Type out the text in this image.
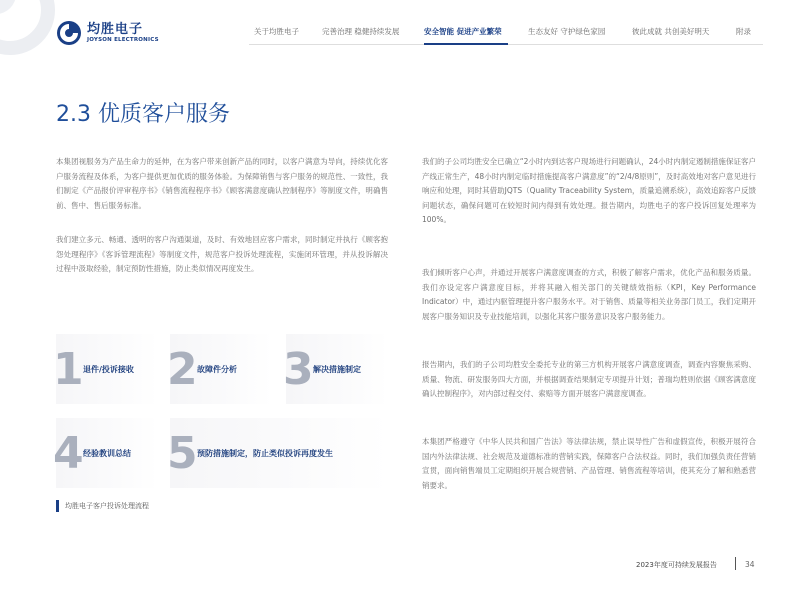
均胜电子
JOYSON ELECTRONICS
关于均胜电子	完善治理 稳健持续发展	安全智能 促进产业繁荣	生态友好 守护绿色家园	彼此成就 共创美好明天	附录
2.3 优质客户服务

本集团视服务为产品生命力的延伸，在为客户带来创新产品的同时，以客户满意为导向，持续优化客户服务流程及体系，为客户提供更加优质的服务体验。为保障销售与客户服务的规范性、一致性，我们制定《产品报价评审程序书》《销售流程程序书》《顾客满意度确认控制程序》等制度文件，明确售前、售中、售后服务标准。

我们建立多元、畅通、透明的客户沟通渠道，及时、有效地回应客户需求，同时制定并执行《顾客抱怨处理程序》《客诉管理流程》等制度文件，规范客户投诉处理流程，实施闭环管理，并从投诉解决过程中汲取经验，制定预防性措施，防止类似情况再度发生。

1 退件/投诉接收 2 故障件分析 3 解决措施制定
4 经验教训总结 5 预防措施制定，防止类似投诉再度发生
均胜电子客户投诉处理流程

我们的子公司均胜安全已确立“2小时内到达客户现场进行问题确认，24小时内制定遏制措施保证客户产线正常生产，48小时内制定临时措施提高客户满意度”的“2/4/8原则”，及时高效地对客户意见进行响应和处理，同时其借助JQTS（Quality Traceability System，质量追溯系统），高效追踪客户反馈问题状态，确保问题可在较短时间内得到有效处理。报告期内，均胜电子的客户投诉回复处理率为100%。

我们倾听客户心声，并通过开展客户满意度调查的方式，积极了解客户需求，优化产品和服务质量。我们亦设定客户满意度目标，并将其融入相关部门的关键绩效指标（KPI，Key Performance Indicator）中，通过内驱管理提升客户服务水平。对于销售、质量等相关业务部门员工，我们定期开展客户服务知识及专业技能培训，以强化其客户服务意识及客户服务能力。

报告期内，我们的子公司均胜安全委托专业的第三方机构开展客户满意度调查，调查内容聚焦采购、质量、物流、研发服务四大方面，并根据调查结果制定专项提升计划；普瑞均胜则依据《顾客满意度确认控制程序》，对内部过程交付、索赔等方面开展客户满意度调查。

本集团严格遵守《中华人民共和国广告法》等法律法规，禁止误导性广告和虚假宣传，积极开展符合国内外法律法规、社会规范及道德标准的营销实践，保障客户合法权益。同时，我们加强负责任营销宣贯，面向销售端员工定期组织开展合规营销、产品管理、销售流程等培训，使其充分了解和熟悉营销要求。

2023年度可持续发展报告	34
